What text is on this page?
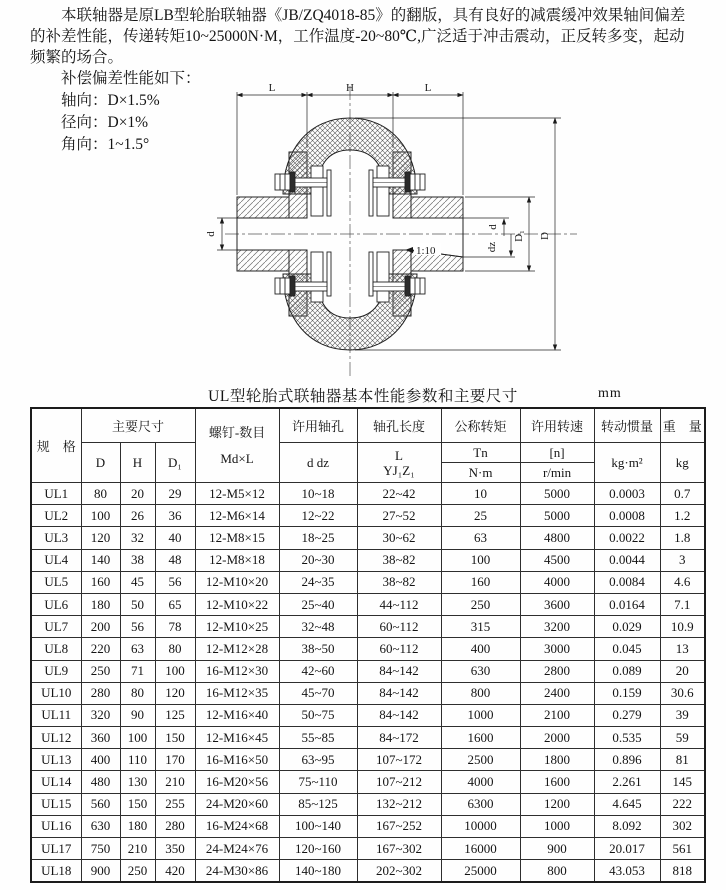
本联轴器是原LB型轮胎联轴器《JB/ZQ4018-85》的翻版，具有良好的减震缓冲效果轴间偏差的补差性能，传递转矩10~25000N·M，工作温度-20~80℃,广泛适于冲击震动，正反转多变，起动频繁的场合。

补偿偏差性能如下：
轴向：D×1.5%
径向：D×1%
角向：1~1.5°
L	H	L
d
d
dz
D₁ D
1:10
UL型轮胎式联轴器基本性能参数和主要尺寸	mm
规　格	主要尺寸			螺钉-数目
Md×L	许用轴孔	轴孔长度	公称转矩	许用转速	转动惯量	重　量
	D	H	D₁		d dz	L
YJ₁Z₁	Tn	[n]	kg·m²	kg
							N·m	r/min		
UL1	80	20	29	12-M5×12	10~18	22~42	10	5000	0.0003	0.7
UL2	100	26	36	12-M6×14	12~22	27~52	25	5000	0.0008	1.2
UL3	120	32	40	12-M8×15	18~25	30~62	63	4800	0.0022	1.8
UL4	140	38	48	12-M8×18	20~30	38~82	100	4500	0.0044	3
UL5	160	45	56	12-M10×20	24~35	38~82	160	4000	0.0084	4.6
UL6	180	50	65	12-M10×22	25~40	44~112	250	3600	0.0164	7.1
UL7	200	56	78	12-M10×25	32~48	60~112	315	3200	0.029	10.9
UL8	220	63	80	12-M12×28	38~50	60~112	400	3000	0.045	13
UL9	250	71	100	16-M12×30	42~60	84~142	630	2800	0.089	20
UL10	280	80	120	16-M12×35	45~70	84~142	800	2400	0.159	30.6
UL11	320	90	125	12-M16×40	50~75	84~142	1000	2100	0.279	39
UL12	360	100	150	12-M16×45	55~85	84~172	1600	2000	0.535	59
UL13	400	110	170	16-M16×50	63~95	107~172	2500	1800	0.896	81
UL14	480	130	210	16-M20×56	75~110	107~212	4000	1600	2.261	145
UL15	560	150	255	24-M20×60	85~125	132~212	6300	1200	4.645	222
UL16	630	180	280	16-M24×68	100~140	167~252	10000	1000	8.092	302
UL17	750	210	350	24-M24×76	120~160	167~302	16000	900	20.017	561
UL18	900	250	420	24-M30×86	140~180	202~302	25000	800	43.053	818
